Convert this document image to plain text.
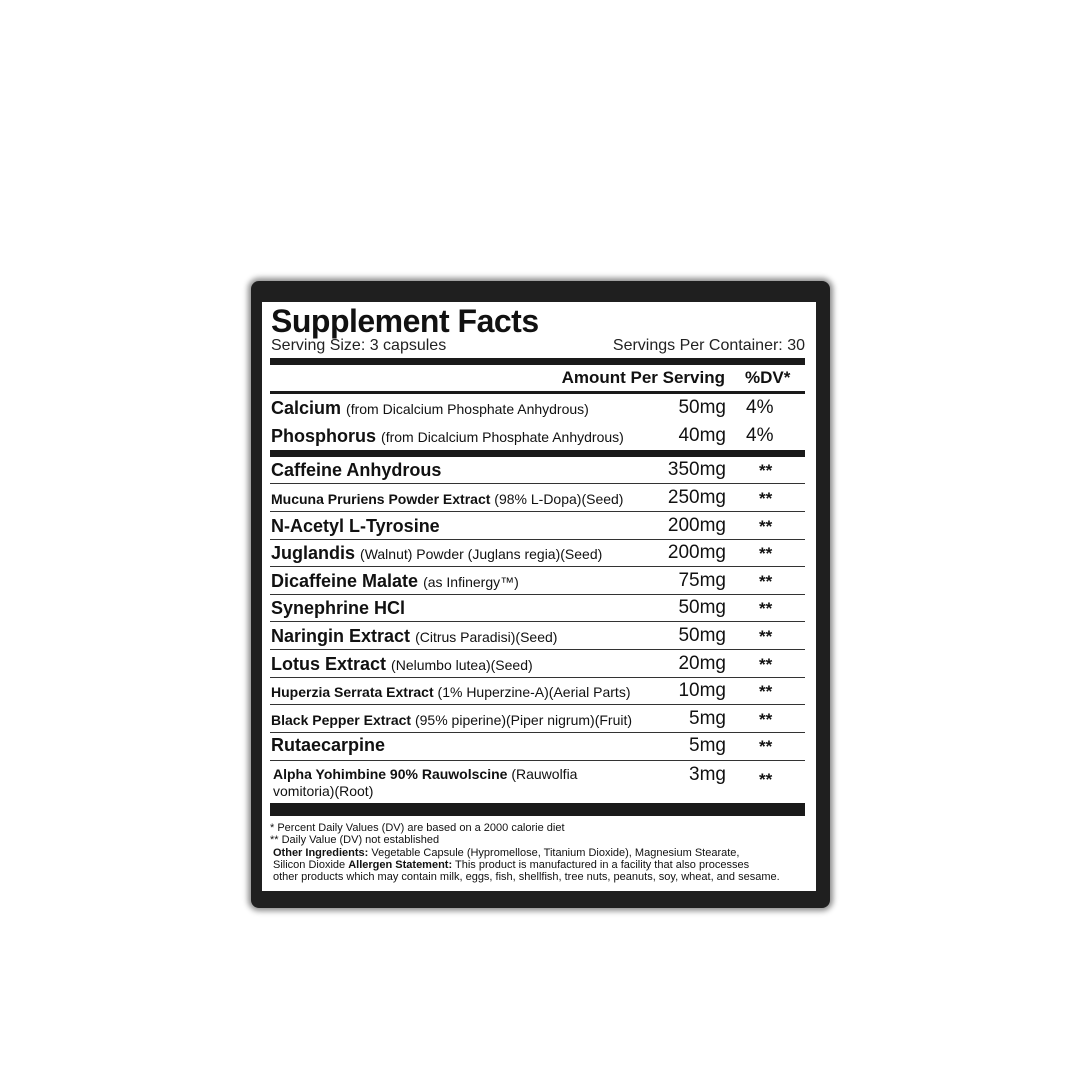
Supplement Facts
Serving Size: 3 capsules	Servings Per Container: 30
Amount Per Serving %DV*
Calcium (from Dicalcium Phosphate Anhydrous)	50mg 4%
Phosphorus (from Dicalcium Phosphate Anhydrous)	40mg 4%
Caffeine Anhydrous	350mg **
Mucuna Pruriens Powder Extract (98% L-Dopa)(Seed) 250mg **
N-Acetyl L-Tyrosine	200mg **
Juglandis (Walnut) Powder (Juglans regia)(Seed)	200mg **
Dicaffeine Malate (as Infinergy™)	75mg **
Synephrine HCl	50mg **
Naringin Extract (Citrus Paradisi)(Seed)	50mg **
Lotus Extract (Nelumbo lutea)(Seed)	20mg **
Huperzia Serrata Extract (1% Huperzine-A)(Aerial Parts)	10mg **
Black Pepper Extract (95% piperine)(Piper nigrum)(Fruit)	5mg **
Rutaecarpine	5mg **
Alpha Yohimbine 90% Rauwolscine (Rauwolfia
vomitoria)(Root)
3mg **
* Percent Daily Values (DV) are based on a 2000 calorie diet
** Daily Value (DV) not established
Other Ingredients: Vegetable Capsule (Hypromellose, Titanium Dioxide), Magnesium Stearate,
Silicon Dioxide Allergen Statement: This product is manufactured in a facility that also processes
other products which may contain milk, eggs, fish, shellfish, tree nuts, peanuts, soy, wheat, and sesame.
